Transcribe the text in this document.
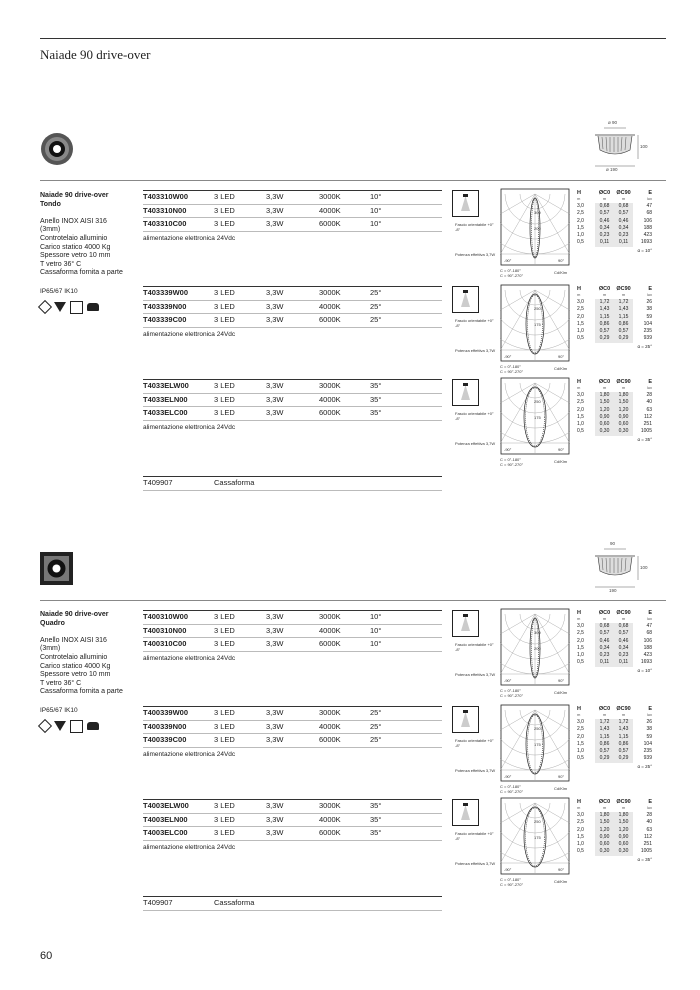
Naiade 90 drive-over
ø 90
100
ø 190
Naiade 90 drive-over
Tondo
Anello INOX AISI 316
(3mm)
Controtelaio alluminio
Carico statico 4000 Kg
Spessore vetro 10 mm
T vetro 36° C
Cassaforma fornita a parte
IP65/67 IK10
T403310W00	3 LED	3,3W	3000K	10°
T403310N00	3 LED	3,3W	4000K	10°
T403310C00	3 LED	3,3W	6000K	10°
alimentazione elettronica 24Vdc
Fascio orientabile +0° -8°
Potenza effettiva 3,7W
300
200
-90°	90°
C = 0°-180°
C = 90°-270°
Cd/Klm
H	ØC0	ØC90	E
m	m	m	lux
3,0	0,68	0,68	47
2,5	0,57	0,57	68
2,0	0,46	0,46	106
1,5	0,34	0,34	188
1,0	0,23	0,23	423
0,5	0,11	0,11	1693
α = 10°
T403339W00	3 LED	3,3W	3000K	25°
T403339N00	3 LED	3,3W	4000K	25°
T403339C00	3 LED	3,3W	6000K	25°
alimentazione elettronica 24Vdc
Fascio orientabile +0° -8°
Potenza effettiva 3,7W
250
175
-90°	90°
C = 0°-180°
C = 90°-270°
Cd/Klm
H	ØC0	ØC90	E
m	m	m	lux
3,0	1,72	1,72	26
2,5	1,43	1,43	38
2,0	1,15	1,15	59
1,5	0,86	0,86	104
1,0	0,57	0,57	235
0,5	0,29	0,29	939
α = 25°
T4033ELW00	3 LED	3,3W	3000K	35°
T4033ELN00	3 LED	3,3W	4000K	35°
T4033ELC00	3 LED	3,3W	6000K	35°
alimentazione elettronica 24Vdc
Fascio orientabile +0° -8°
Potenza effettiva 3,7W
250
175
-90°	90°
C = 0°-180°
C = 90°-270°
Cd/Klm
H	ØC0	ØC90	E
m	m	m	lux
3,0	1,80	1,80	28
2,5	1,50	1,50	40
2,0	1,20	1,20	63
1,5	0,90	0,90	112
1,0	0,60	0,60	251
0,5	0,30	0,30	1005
α = 35°
T409907	Cassaforma
90
100
190
Naiade 90 drive-over
Quadro
Anello INOX AISI 316
(3mm)
Controtelaio alluminio
Carico statico 4000 Kg
Spessore vetro 10 mm
T vetro 36° C
Cassaforma fornita a parte
IP65/67 IK10
T400310W00	3 LED	3,3W	3000K	10°
T400310N00	3 LED	3,3W	4000K	10°
T400310C00	3 LED	3,3W	6000K	10°
alimentazione elettronica 24Vdc
Fascio orientabile +0° -8°
Potenza effettiva 3,7W
300
200
-90°	90°
C = 0°-180°
C = 90°-270°
Cd/Klm
H	ØC0	ØC90	E
m	m	m	lux
3,0	0,68	0,68	47
2,5	0,57	0,57	68
2,0	0,46	0,46	106
1,5	0,34	0,34	188
1,0	0,23	0,23	423
0,5	0,11	0,11	1693
α = 10°
T400339W00	3 LED	3,3W	3000K	25°
T400339N00	3 LED	3,3W	4000K	25°
T400339C00	3 LED	3,3W	6000K	25°
alimentazione elettronica 24Vdc
Fascio orientabile +0° -8°
Potenza effettiva 3,7W
250
175
-90°	90°
C = 0°-180°
C = 90°-270°
Cd/Klm
H	ØC0	ØC90	E
m	m	m	lux
3,0	1,72	1,72	26
2,5	1,43	1,43	38
2,0	1,15	1,15	59
1,5	0,86	0,86	104
1,0	0,57	0,57	235
0,5	0,29	0,29	939
α = 25°
T4003ELW00	3 LED	3,3W	3000K	35°
T4003ELN00	3 LED	3,3W	4000K	35°
T4003ELC00	3 LED	3,3W	6000K	35°
alimentazione elettronica 24Vdc
Fascio orientabile +0° -8°
Potenza effettiva 3,7W
250
175
-90°	90°
C = 0°-180°
C = 90°-270°
Cd/Klm
H	ØC0	ØC90	E
m	m	m	lux
3,0	1,80	1,80	28
2,5	1,50	1,50	40
2,0	1,20	1,20	63
1,5	0,90	0,90	112
1,0	0,60	0,60	251
0,5	0,30	0,30	1005
α = 35°
T409907	Cassaforma
60
